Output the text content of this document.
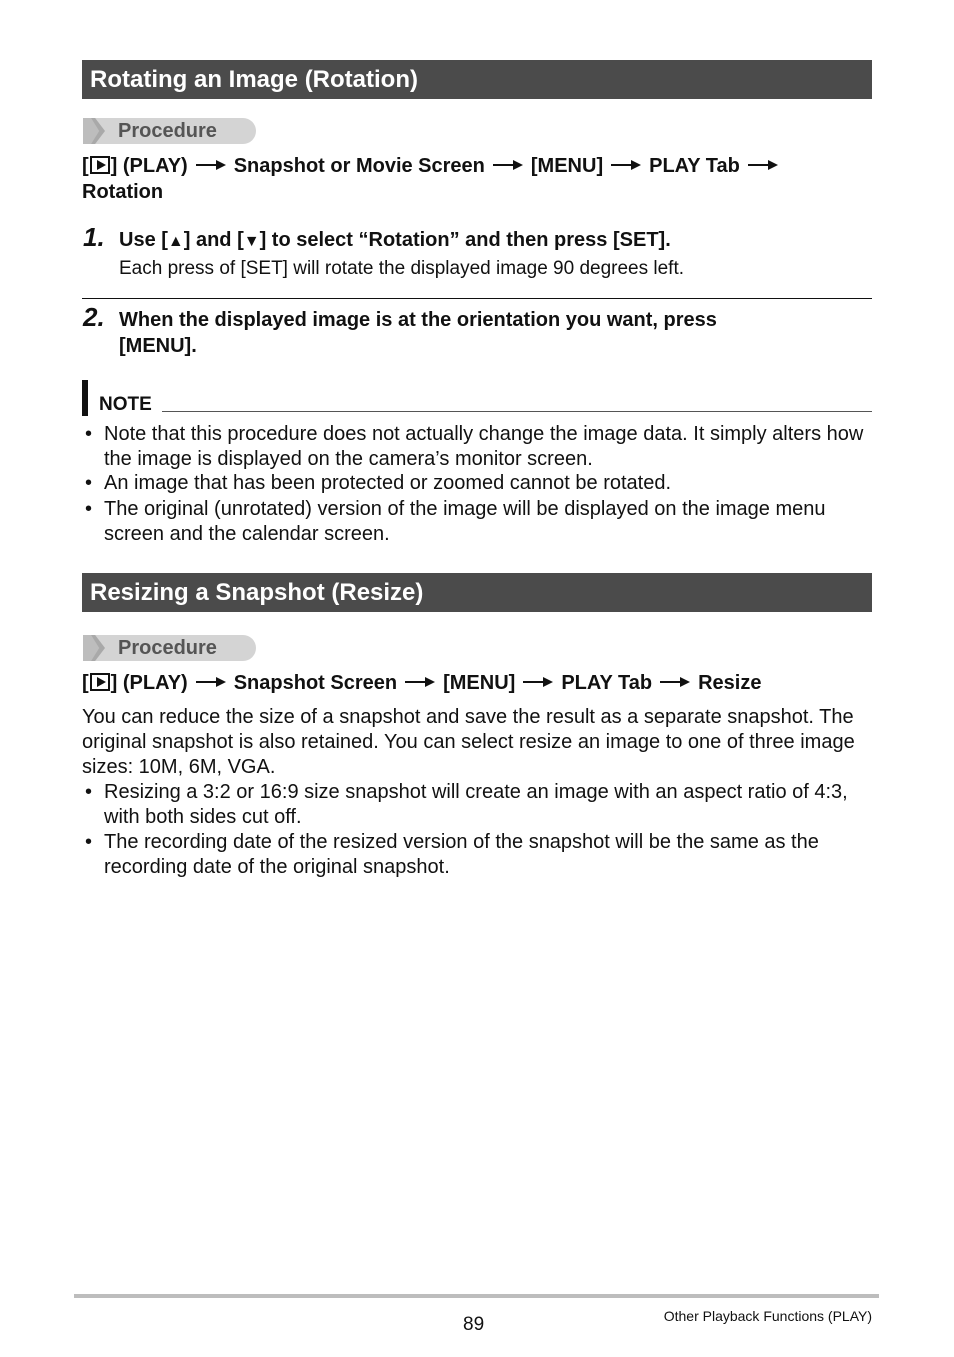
Rotating an Image (Rotation)
Procedure
[ ] (PLAY) Snapshot or Movie Screen [MENU] PLAY Tab
Rotation
1. Use [▲] and [▼] to select “Rotation” and then press [SET].
Each press of [SET] will rotate the displayed image 90 degrees left.
2. When the displayed image is at the orientation you want, press
[MENU].
NOTE
• Note that this procedure does not actually change the image data. It simply alters how the image is displayed on the camera’s monitor screen.
• An image that has been protected or zoomed cannot be rotated.
• The original (unrotated) version of the image will be displayed on the image menu screen and the calendar screen.
Resizing a Snapshot (Resize)
Procedure
[ ] (PLAY) Snapshot Screen [MENU] PLAY Tab Resize
You can reduce the size of a snapshot and save the result as a separate snapshot. The original snapshot is also retained. You can select resize an image to one of three image sizes: 10M, 6M, VGA.
• Resizing a 3:2 or 16:9 size snapshot will create an image with an aspect ratio of 4:3, with both sides cut off.
• The recording date of the resized version of the snapshot will be the same as the recording date of the original snapshot.
89	Other Playback Functions (PLAY)
